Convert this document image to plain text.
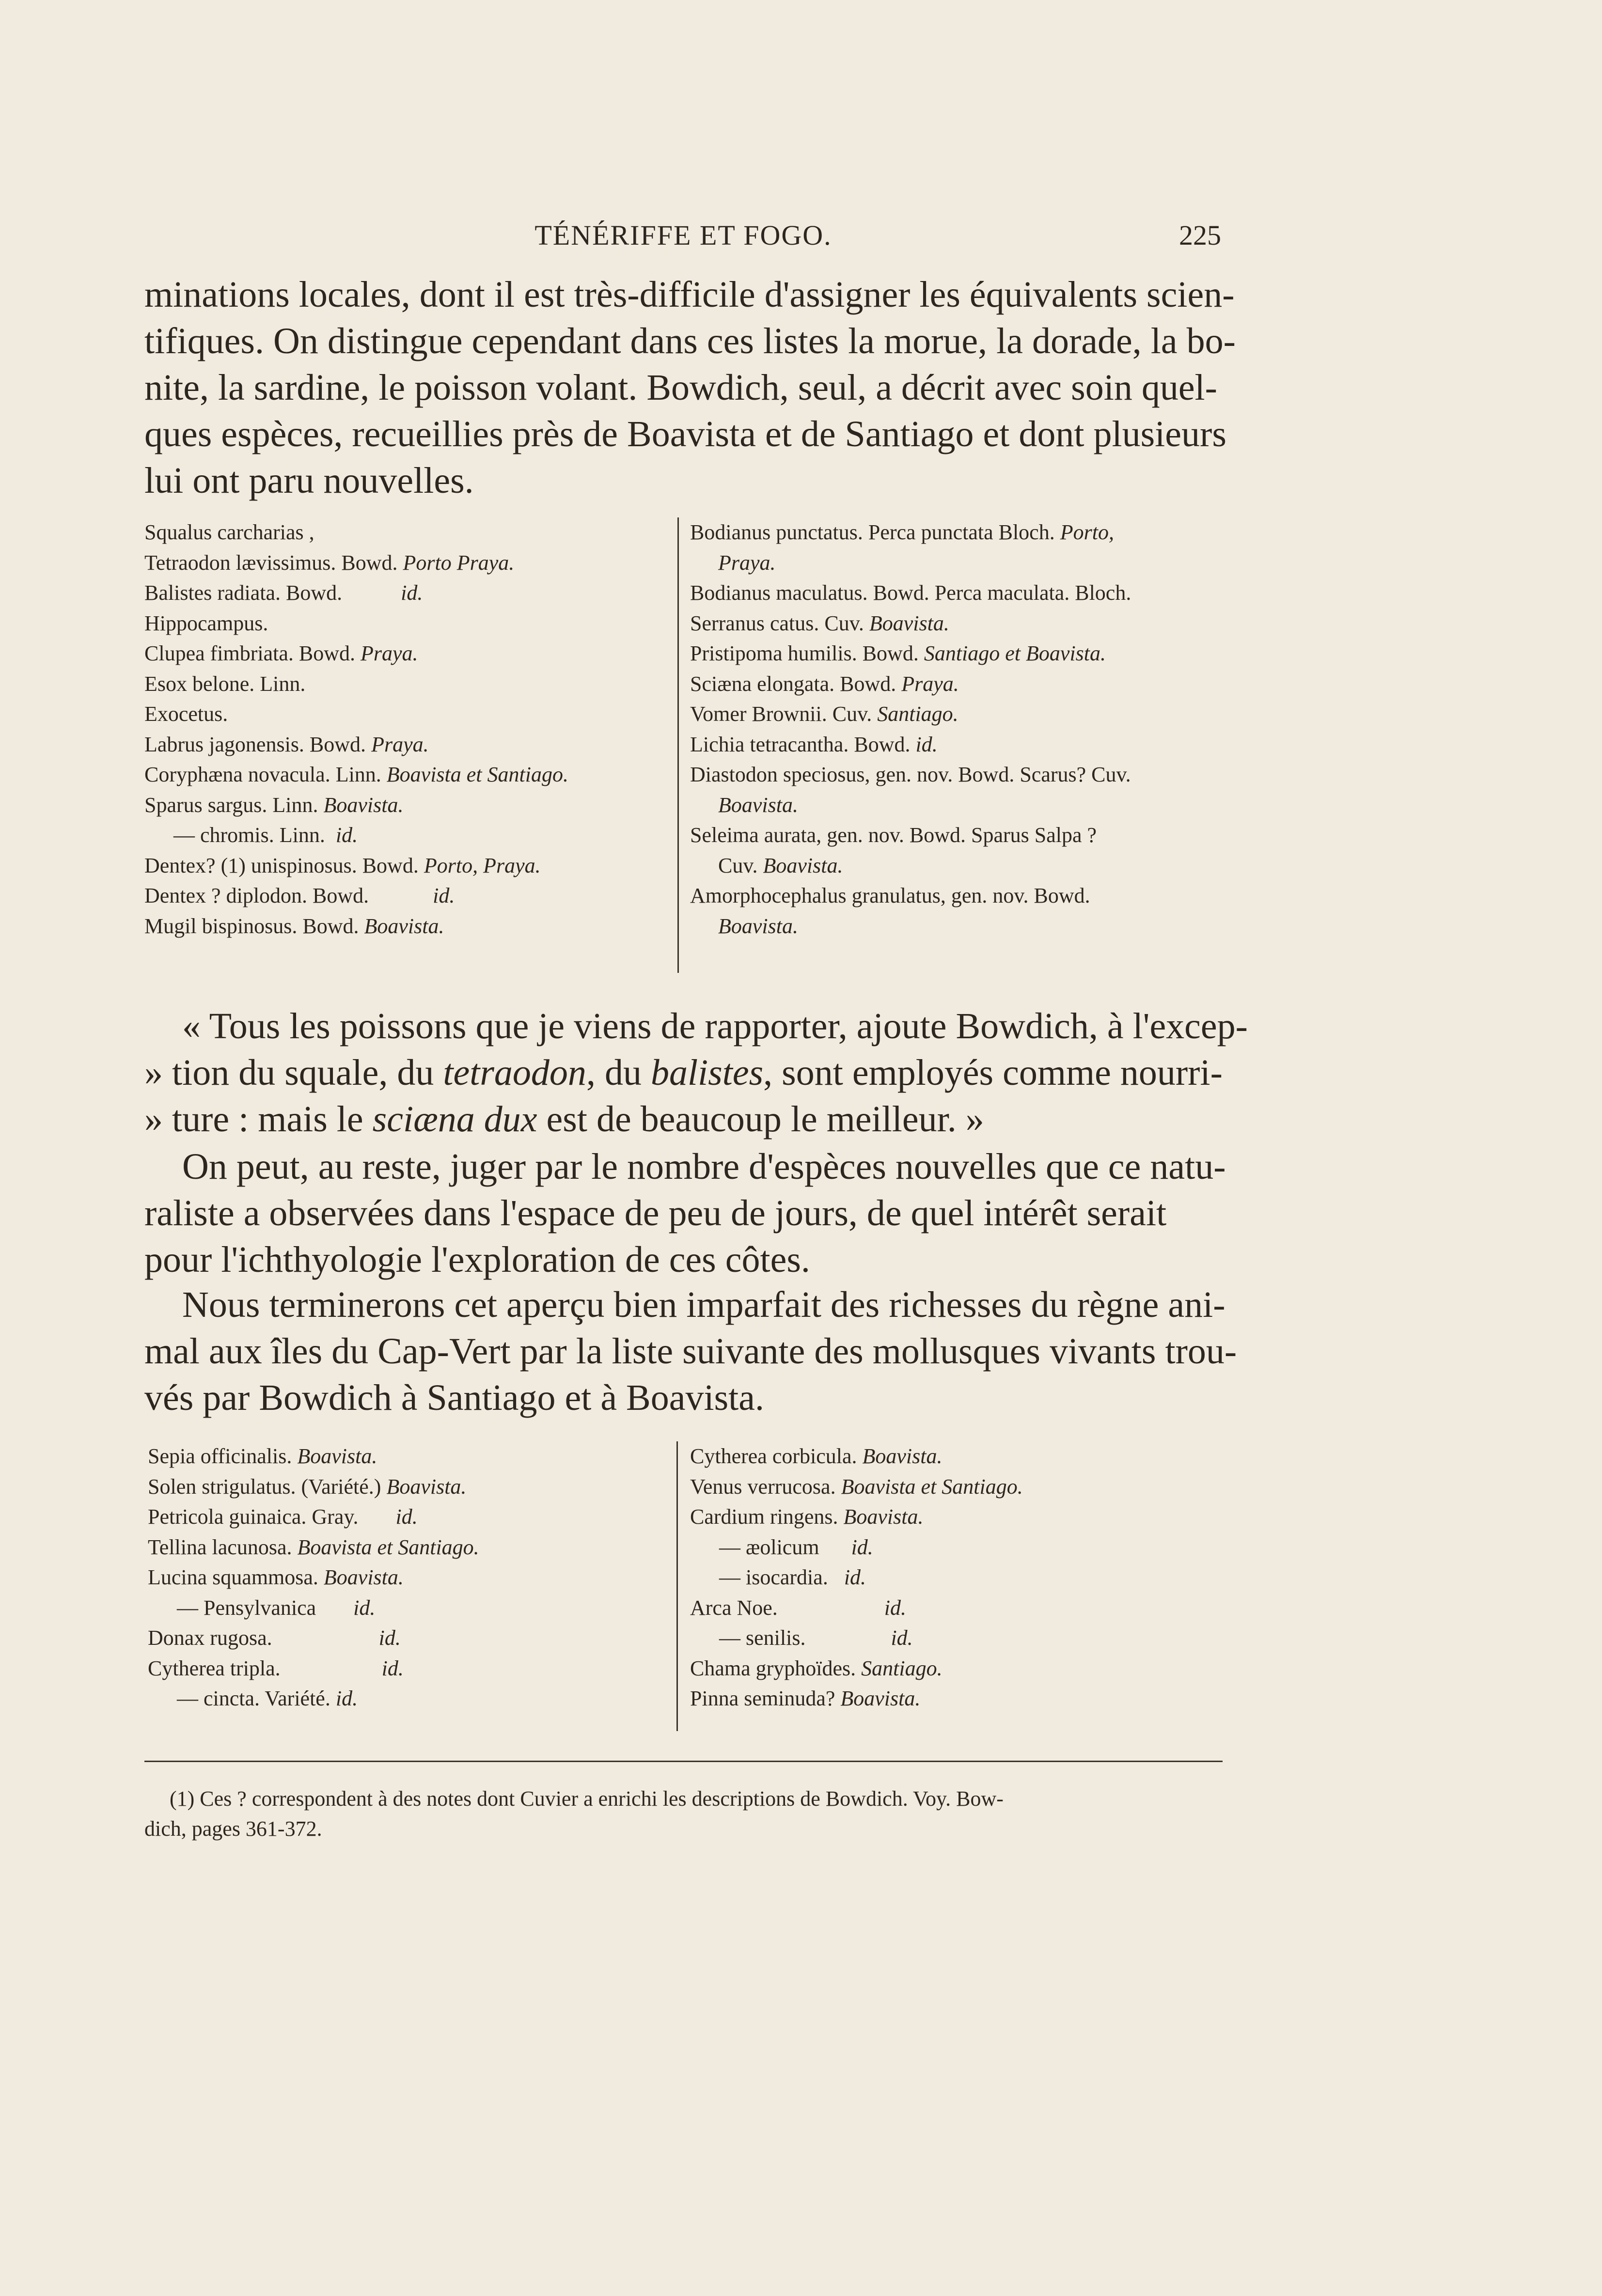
TÉNÉRIFFE ET FOGO.	225

minations locales, dont il est très-difficile d'assigner les équivalents scien-
tifiques. On distingue cependant dans ces listes la morue, la dorade, la bo-
nite, la sardine, le poisson volant. Bowdich, seul, a décrit avec soin quel-
ques espèces, recueillies près de Boavista et de Santiago et dont plusieurs
lui ont paru nouvelles.

Squalus carcharias ,
Tetraodon lævissimus. Bowd. Porto Praya.
Balistes radiata. Bowd.           id.
Hippocampus.
Clupea fimbriata. Bowd. Praya.
Esox belone. Linn.
Exocetus.
Labrus jagonensis. Bowd. Praya.
Coryphæna novacula. Linn. Boavista et Santiago.
Sparus sargus. Linn. Boavista.
— chromis. Linn.  id.
Dentex? (1) unispinosus. Bowd. Porto, Praya.
Dentex ? diplodon. Bowd.            id.
Mugil bispinosus. Bowd. Boavista.
Bodianus punctatus. Perca punctata Bloch. Porto,
Praya.
Bodianus maculatus. Bowd. Perca maculata. Bloch.
Serranus catus. Cuv. Boavista.
Pristipoma humilis. Bowd. Santiago et Boavista.
Sciæna elongata. Bowd. Praya.
Vomer Brownii. Cuv. Santiago.
Lichia tetracantha. Bowd. id.
Diastodon speciosus, gen. nov. Bowd. Scarus? Cuv.
Boavista.
Seleima aurata, gen. nov. Bowd. Sparus Salpa ?
Cuv. Boavista.
Amorphocephalus granulatus, gen. nov. Bowd.
Boavista.

« Tous les poissons que je viens de rapporter, ajoute Bowdich, à l'excep-
» tion du squale, du tetraodon, du balistes, sont employés comme nourri-
» ture : mais le sciæna dux est de beaucoup le meilleur. »

On peut, au reste, juger par le nombre d'espèces nouvelles que ce natu-
raliste a observées dans l'espace de peu de jours, de quel intérêt serait
pour l'ichthyologie l'exploration de ces côtes.

Nous terminerons cet aperçu bien imparfait des richesses du règne ani-
mal aux îles du Cap-Vert par la liste suivante des mollusques vivants trou-
vés par Bowdich à Santiago et à Boavista.

Sepia officinalis. Boavista.
Solen strigulatus. (Variété.) Boavista.
Petricola guinaica. Gray.       id.
Tellina lacunosa. Boavista et Santiago.
Lucina squammosa. Boavista.
— Pensylvanica       id.
Donax rugosa.                    id.
Cytherea tripla.                   id.
— cincta. Variété. id.
Cytherea corbicula. Boavista.
Venus verrucosa. Boavista et Santiago.
Cardium ringens. Boavista.
— æolicum      id.
— isocardia.   id.
Arca Noe.                    id.
— senilis.                id.
Chama gryphoïdes. Santiago.
Pinna seminuda? Boavista.

(1) Ces ? correspondent à des notes dont Cuvier a enrichi les descriptions de Bowdich. Voy. Bow-
dich, pages 361-372.
